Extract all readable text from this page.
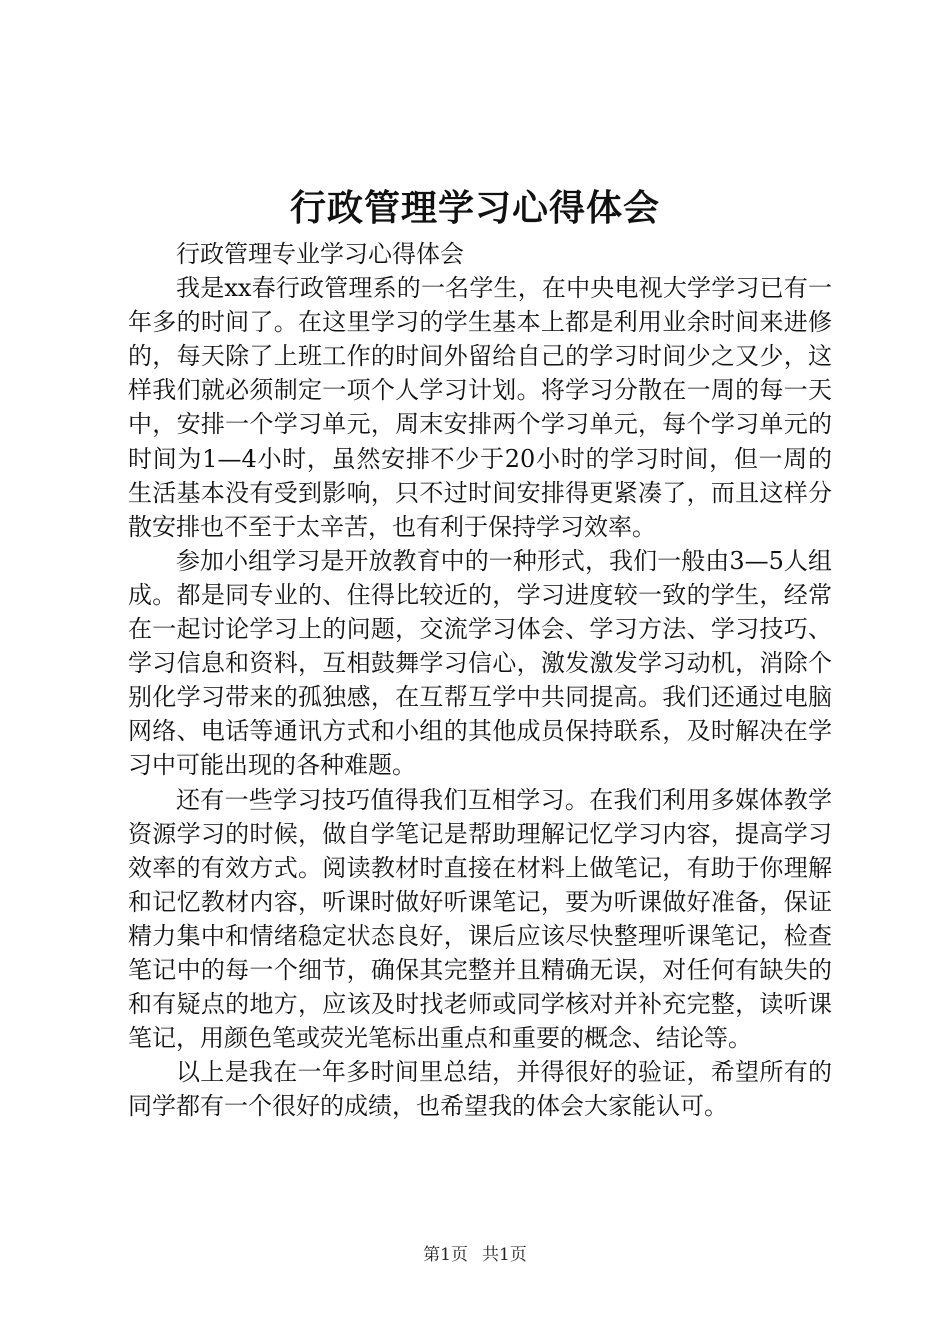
行政管理学习心得体会

行政管理专业学习心得体会

我是xx春行政管理系的一名学生，在中央电视大学学习已有一年多的时间了。在这里学习的学生基本上都是利用业余时间来进修的，每天除了上班工作的时间外留给自己的学习时间少之又少，这样我们就必须制定一项个人学习计划。将学习分散在一周的每一天中，安排一个学习单元，周末安排两个学习单元，每个学习单元的时间为1—4小时，虽然安排不少于20小时的学习时间，但一周的生活基本没有受到影响，只不过时间安排得更紧凑了，而且这样分散安排也不至于太辛苦，也有利于保持学习效率。

参加小组学习是开放教育中的一种形式，我们一般由3—5人组成。都是同专业的、住得比较近的，学习进度较一致的学生，经常在一起讨论学习上的问题，交流学习体会、学习方法、学习技巧、学习信息和资料，互相鼓舞学习信心，激发激发学习动机，消除个别化学习带来的孤独感，在互帮互学中共同提高。我们还通过电脑网络、电话等通讯方式和小组的其他成员保持联系，及时解决在学习中可能出现的各种难题。

还有一些学习技巧值得我们互相学习。在我们利用多媒体教学资源学习的时候，做自学笔记是帮助理解记忆学习内容，提高学习效率的有效方式。阅读教材时直接在材料上做笔记，有助于你理解和记忆教材内容，听课时做好听课笔记，要为听课做好准备，保证精力集中和情绪稳定状态良好，课后应该尽快整理听课笔记，检查笔记中的每一个细节，确保其完整并且精确无误，对任何有缺失的和有疑点的地方，应该及时找老师或同学核对并补充完整，读听课笔记，用颜色笔或荧光笔标出重点和重要的概念、结论等。

以上是我在一年多时间里总结，并得很好的验证，希望所有的同学都有一个很好的成绩，也希望我的体会大家能认可。

第1页 共1页
